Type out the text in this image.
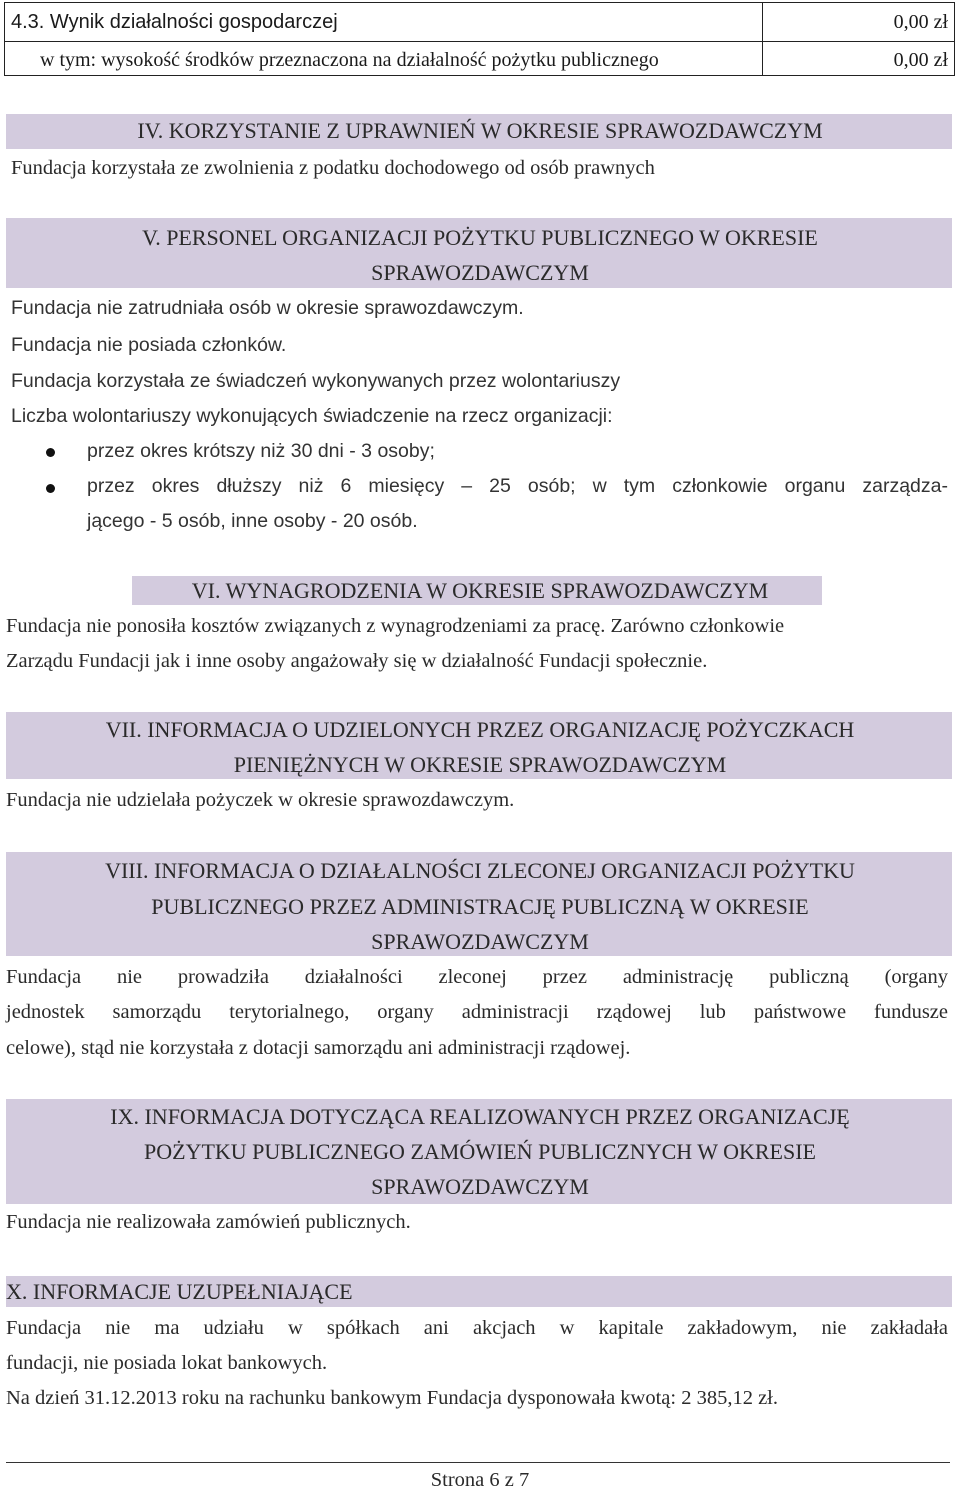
4.3. Wynik działalności gospodarczej	0,00 zł
w tym: wysokość środków przeznaczona na działalność pożytku publicznego	0,00 zł
IV. KORZYSTANIE Z UPRAWNIEŃ W OKRESIE SPRAWOZDAWCZYM
Fundacja korzystała ze zwolnienia z podatku dochodowego od osób prawnych
V. PERSONEL ORGANIZACJI POŻYTKU PUBLICZNEGO W OKRESIE
SPRAWOZDAWCZYM
Fundacja nie zatrudniała osób w okresie sprawozdawczym.
Fundacja nie posiada członków.
Fundacja korzystała ze świadczeń wykonywanych przez wolontariuszy
Liczba wolontariuszy wykonujących świadczenie na rzecz organizacji:
przez okres krótszy niż 30 dni - 3 osoby;
przez okres dłuższy niż 6 miesięcy – 25 osób; w tym członkowie organu zarządza-
jącego - 5 osób, inne osoby - 20 osób.
VI. WYNAGRODZENIA W OKRESIE SPRAWOZDAWCZYM
Fundacja nie ponosiła kosztów związanych z wynagrodzeniami za pracę. Zarówno członkowie
Zarządu Fundacji jak i inne osoby angażowały się w działalność Fundacji społecznie.
VII. INFORMACJA O UDZIELONYCH PRZEZ ORGANIZACJĘ POŻYCZKACH
PIENIĘŻNYCH W OKRESIE SPRAWOZDAWCZYM
Fundacja nie udzielała pożyczek w okresie sprawozdawczym.
VIII. INFORMACJA O DZIAŁALNOŚCI ZLECONEJ ORGANIZACJI POŻYTKU
PUBLICZNEGO PRZEZ ADMINISTRACJĘ PUBLICZNĄ W OKRESIE
SPRAWOZDAWCZYM
Fundacja nie prowadziła działalności zleconej przez administrację publiczną (organy
jednostek samorządu terytorialnego, organy administracji rządowej lub państwowe fundusze
celowe), stąd nie korzystała z dotacji samorządu ani administracji rządowej.
IX. INFORMACJA DOTYCZĄCA REALIZOWANYCH PRZEZ ORGANIZACJĘ
POŻYTKU PUBLICZNEGO ZAMÓWIEŃ PUBLICZNYCH W OKRESIE
SPRAWOZDAWCZYM
Fundacja nie realizowała zamówień publicznych.
X. INFORMACJE UZUPEŁNIAJĄCE
Fundacja nie ma udziału w spółkach ani akcjach w kapitale zakładowym, nie zakładała
fundacji, nie posiada lokat bankowych.
Na dzień 31.12.2013 roku na rachunku bankowym Fundacja dysponowała kwotą: 2 385,12 zł.
Strona 6 z 7
